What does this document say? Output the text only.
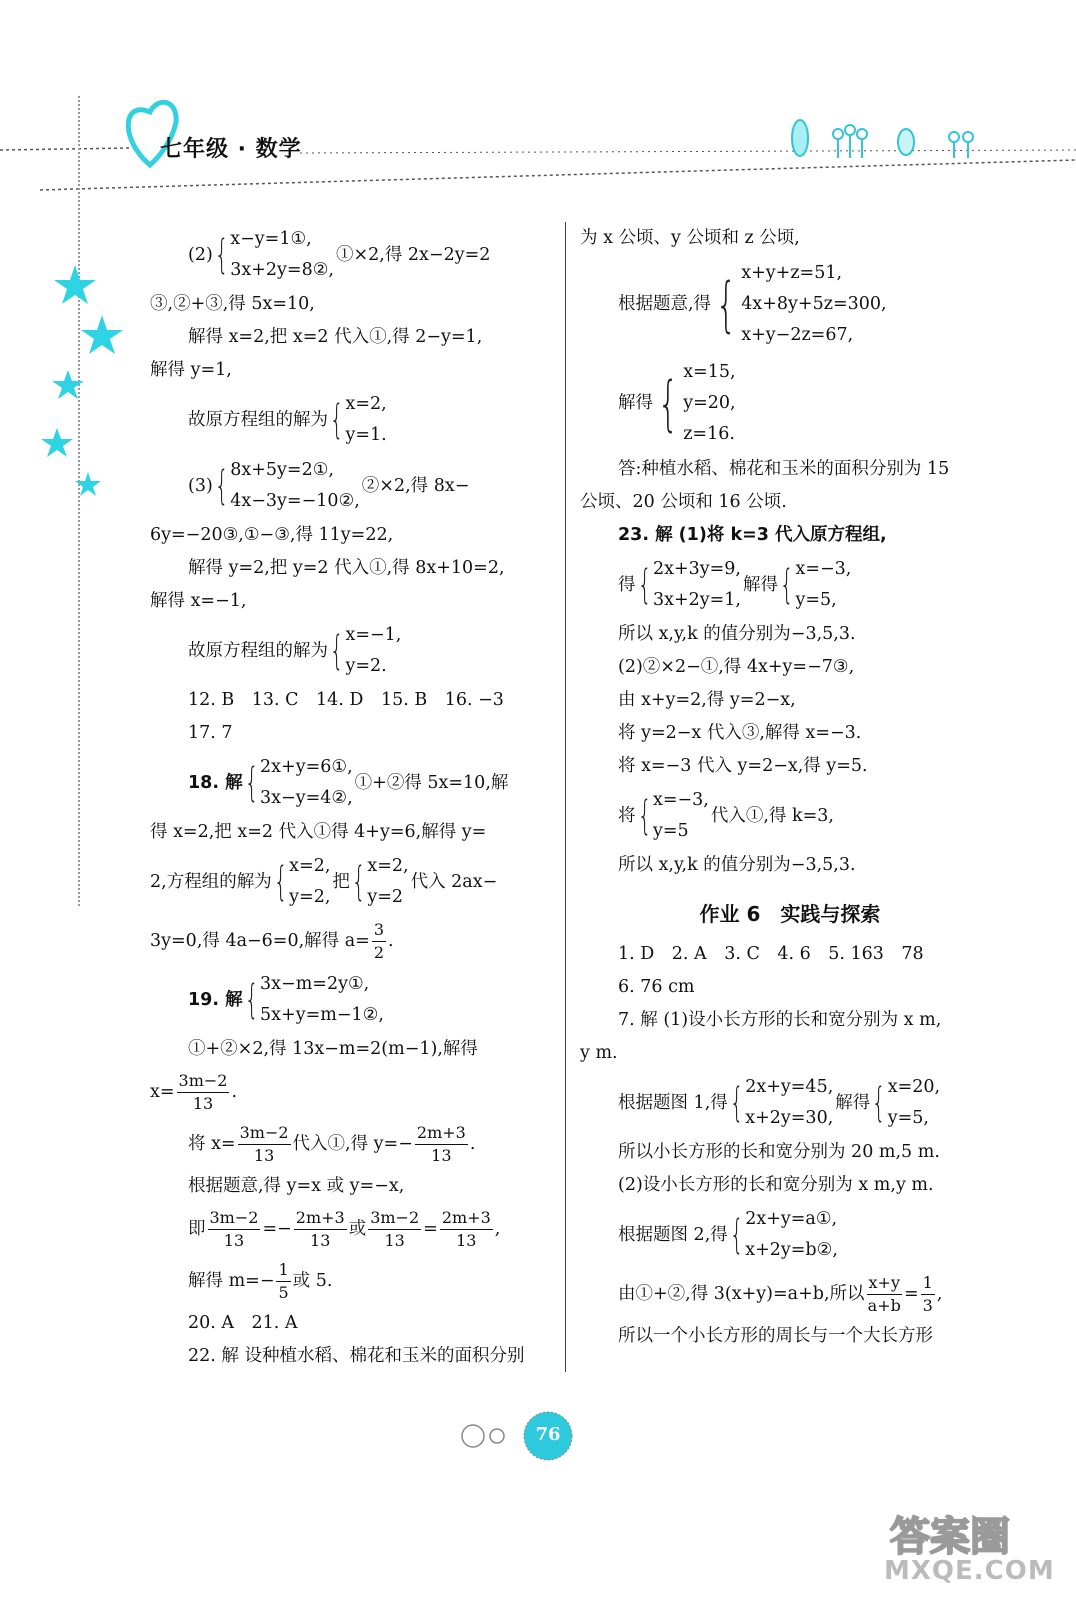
七年级 · 数学
(2) { x−y=1①,
3x+2y=8②,
①×2,得 2x−2y=2
③,②+③,得 5x=10,
解得 x=2,把 x=2 代入①,得 2−y=1,
解得 y=1,
故原方程组的解为 { x=2,
y=1.
(3) { 8x+5y=2①,
4x−3y=−10②,
②×2,得 8x−
6y=−20③,①−③,得 11y=22,
解得 y=2,把 y=2 代入①,得 8x+10=2,
解得 x=−1,
故原方程组的解为 { x=−1,
y=2.
12. B　13. C　14. D　15. B　16. −3
17. 7
18. 解 { 2x+y=6①,
3x−y=4②,
①+②得 5x=10,解
得 x=2,把 x=2 代入①得 4+y=6,解得 y=
2,方程组的解为 { x=2,
y=2,
把 { x=2,
y=2
代入 2ax−
3y=0,得 4a−6=0,解得 $a= \frac{3}{2}$ .
19. 解 { 3x−m=2y①,
5x+y=m−1②,
①+②×2,得 13x−m=2(m−1),解得
$x= \frac{3m-2}{13}$ .
将 $x= \frac{3m-2}{13}$ 代入①,得 $y=- \frac{2m+3}{13}$ .
根据题意,得 y=x 或 y=−x,
即 $\frac{3m-2}{13} =- \frac{2m+3}{13}$ 或 $\frac{3m-2}{13} = \frac{2m+3}{13}$ ,
解得 $m=- \frac{1}{5}$ 或 5.
20. A　21. A
22. 解 设种植水稻、棉花和玉米的面积分别
为 x 公顷、y 公顷和 z 公顷,
根据题意,得 { x+y+z=51,
4x+8y+5z=300,
x+y−2z=67,
解得 { x=15,
y=20,
z=16.
答:种植水稻、棉花和玉米的面积分别为 15
公顷、20 公顷和 16 公顷.
23. 解 (1)将 k=3 代入原方程组,
得 { 2x+3y=9,
3x+2y=1,
解得 { x=−3,
y=5,
所以 x,y,k 的值分别为−3,5,3.
(2)②×2−①,得 4x+y=−7③,
由 x+y=2,得 y=2−x,
将 y=2−x 代入③,解得 x=−3.
将 x=−3 代入 y=2−x,得 y=5.
将 { x=−3,
y=5
代入①,得 k=3,
所以 x,y,k 的值分别为−3,5,3.
作业 6　实践与探索
1. D　2. A　3. C　4. 6　5. 163　78
6. 76 cm
7. 解 (1)设小长方形的长和宽分别为 x m,
y m.
根据题图 1,得 { 2x+y=45,
x+2y=30,
解得 { x=20,
y=5,
所以小长方形的长和宽分别为 20 m,5 m.
(2)设小长方形的长和宽分别为 x m,y m.
根据题图 2,得 { 2x+y=a①,
x+2y=b②,
由①+②,得 3(x+y)=a+b,所以 $\frac{x+y}{a+b} = \frac{1}{3}$ ,
所以一个小长方形的周长与一个大长方形
76
答案圈
MXQE.COM
